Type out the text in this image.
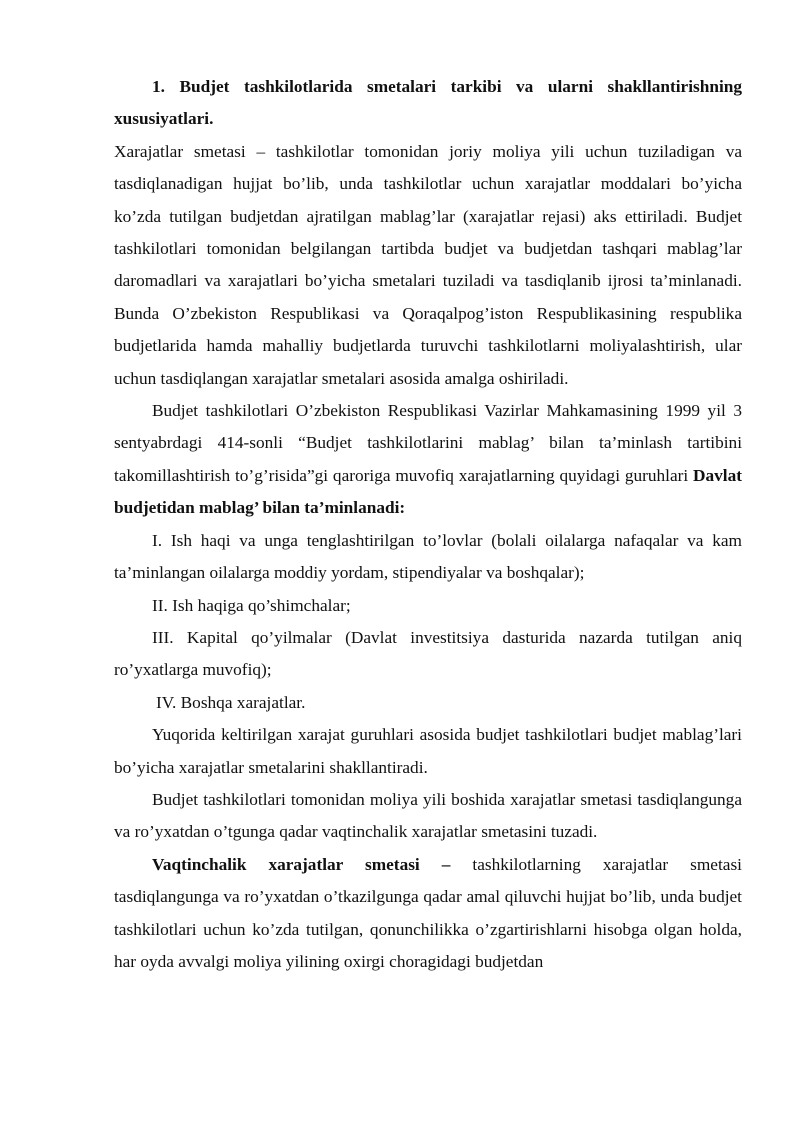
1. Budjet tashkilotlarida smetalari tarkibi va ularni shakllantirishning xususiyatlari.

Xarajatlar smetasi – tashkilotlar tomonidan joriy moliya yili uchun tuziladigan va tasdiqlanadigan hujjat bo’lib, unda tashkilotlar uchun xarajatlar moddalari bo’yicha ko’zda tutilgan budjetdan ajratilgan mablag’lar (xarajatlar rejasi) aks ettiriladi. Budjet tashkilotlari tomonidan belgilangan tartibda budjet va budjetdan tashqari mablag’lar daromadlari va xarajatlari bo’yicha smetalari tuziladi va tasdiqlanib ijrosi ta’minlanadi. Bunda O’zbekiston Respublikasi va Qoraqalpog’iston Respublikasining respublika budjetlarida hamda mahalliy budjetlarda turuvchi tashkilotlarni moliyalashtirish, ular uchun tasdiqlangan xarajatlar smetalari asosida amalga oshiriladi.

Budjet tashkilotlari O’zbekiston Respublikasi Vazirlar Mahkamasining 1999 yil 3 sentyabrdagi 414-sonli “Budjet tashkilotlarini mablag’ bilan ta’minlash tartibini takomillashtirish to’g’risida”gi qaroriga muvofiq xarajatlarning quyidagi guruhlari Davlat budjetidan mablag’ bilan ta’minlanadi:

I. Ish haqi va unga tenglashtirilgan to’lovlar (bolali oilalarga nafaqalar va kam ta’minlangan oilalarga moddiy yordam, stipendiyalar va boshqalar);

II. Ish haqiga qo’shimchalar;

III. Kapital qo’yilmalar (Davlat investitsiya dasturida nazarda tutilgan aniq ro’yxatlarga muvofiq);

IV. Boshqa xarajatlar.

Yuqorida keltirilgan xarajat guruhlari asosida budjet tashkilotlari budjet mablag’lari bo’yicha xarajatlar smetalarini shakllantiradi.

Budjet tashkilotlari tomonidan moliya yili boshida xarajatlar smetasi tasdiqlangunga va ro’yxatdan o’tgunga qadar vaqtinchalik xarajatlar smetasini tuzadi.

Vaqtinchalik xarajatlar smetasi – tashkilotlarning xarajatlar smetasi tasdiqlangunga va ro’yxatdan o’tkazilgunga qadar amal qiluvchi hujjat bo’lib, unda budjet tashkilotlari uchun ko’zda tutilgan, qonunchilikka o’zgartirishlarni hisobga olgan holda, har oyda avvalgi moliya yilining oxirgi choragidagi budjetdan
